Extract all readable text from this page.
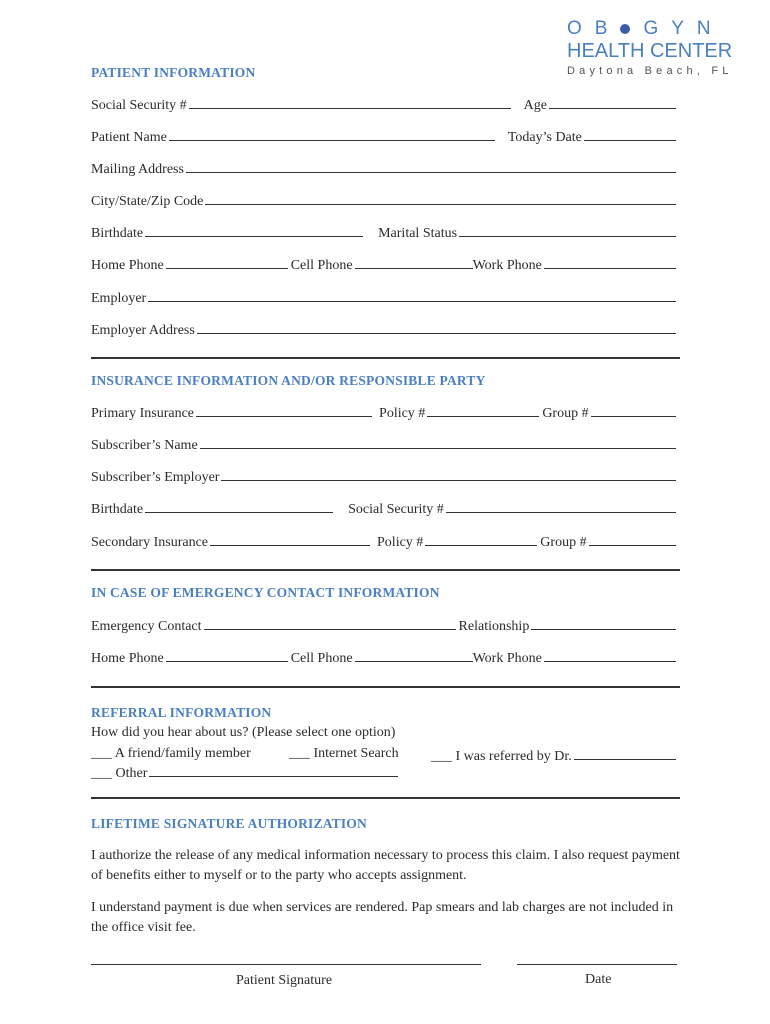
OB GYN
HEALTH CENTER
Daytona Beach, FL
PATIENT INFORMATION
Social Security #	Age
Patient Name	Today’s Date
Mailing Address
City/State/Zip Code
Birthdate	Marital Status
Home Phone	Cell Phone	Work Phone
Employer
Employer Address
INSURANCE INFORMATION AND/OR RESPONSIBLE PARTY
Primary Insurance	Policy #	Group #
Subscriber’s Name
Subscriber’s Employer
Birthdate	Social Security #
Secondary Insurance	Policy #	Group #
IN CASE OF EMERGENCY CONTACT INFORMATION
Emergency Contact	Relationship
Home Phone	Cell Phone	Work Phone
REFERRAL INFORMATION
How did you hear about us? (Please select one option)
___ A friend/family member	___ Internet Search ___ I was referred by Dr.
___ Other
LIFETIME SIGNATURE AUTHORIZATION
I authorize the release of any medical information necessary to process this claim. I also request payment of benefits either to myself or to the party who accepts assignment.
I understand payment is due when services are rendered. Pap smears and lab charges are not included in the office visit fee.
Patient Signature	Date
